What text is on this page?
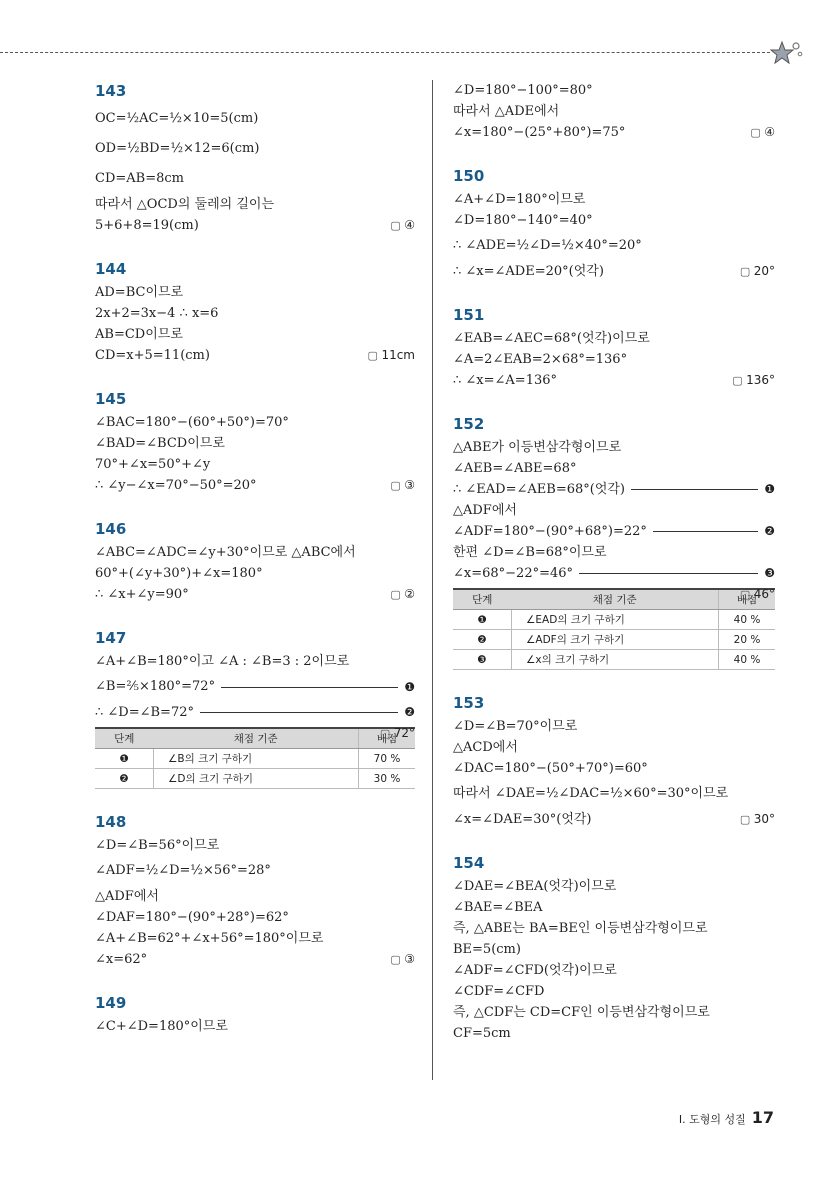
143
OC=½AC=½×10=5(cm)
OD=½BD=½×12=6(cm)
CD=AB=8cm
따라서 △OCD의 둘레의 길이는
5+6+8=19(cm)	▢ ④
144
AD=BC이므로
2x+2=3x−4 ∴ x=6
AB=CD이므로
CD=x+5=11(cm)	▢ 11cm
145
∠BAC=180°−(60°+50°)=70°
∠BAD=∠BCD이므로
70°+∠x=50°+∠y
∴ ∠y−∠x=70°−50°=20°	▢ ③
146
∠ABC=∠ADC=∠y+30°이므로 △ABC에서
60°+(∠y+30°)+∠x=180°
∴ ∠x+∠y=90°	▢ ②
147
∠A+∠B=180°이고 ∠A : ∠B=3 : 2이므로
∠B=⅖×180°=72°	❶
∴ ∠D=∠B=72°	❷
▢ 72°
단계	채점 기준	배점
❶	∠B의 크기 구하기	70 %
❷	∠D의 크기 구하기	30 %
148
∠D=∠B=56°이므로
∠ADF=½∠D=½×56°=28°
△ADF에서
∠DAF=180°−(90°+28°)=62°
∠A+∠B=62°+∠x+56°=180°이므로
∠x=62°	▢ ③
149
∠C+∠D=180°이므로
∠D=180°−100°=80°
따라서 △ADE에서
∠x=180°−(25°+80°)=75°	▢ ④
150
∠A+∠D=180°이므로
∠D=180°−140°=40°
∴ ∠ADE=½∠D=½×40°=20°
∴ ∠x=∠ADE=20°(엇각)	▢ 20°
151
∠EAB=∠AEC=68°(엇각)이므로
∠A=2∠EAB=2×68°=136°
∴ ∠x=∠A=136°	▢ 136°
152
△ABE가 이등변삼각형이므로
∠AEB=∠ABE=68°
∴ ∠EAD=∠AEB=68°(엇각)	❶
△ADF에서
∠ADF=180°−(90°+68°)=22°	❷
한편 ∠D=∠B=68°이므로
∠x=68°−22°=46°	❸
▢ 46°
단계	채점 기준	배점
❶	∠EAD의 크기 구하기	40 %
❷	∠ADF의 크기 구하기	20 %
❸	∠x의 크기 구하기	40 %
153
∠D=∠B=70°이므로
△ACD에서
∠DAC=180°−(50°+70°)=60°
따라서 ∠DAE=½∠DAC=½×60°=30°이므로
∠x=∠DAE=30°(엇각)	▢ 30°
154
∠DAE=∠BEA(엇각)이므로
∠BAE=∠BEA
즉, △ABE는 BA=BE인 이등변삼각형이므로
BE=5(cm)
∠ADF=∠CFD(엇각)이므로
∠CDF=∠CFD
즉, △CDF는 CD=CF인 이등변삼각형이므로
CF=5cm
Ⅰ. 도형의 성질 17
